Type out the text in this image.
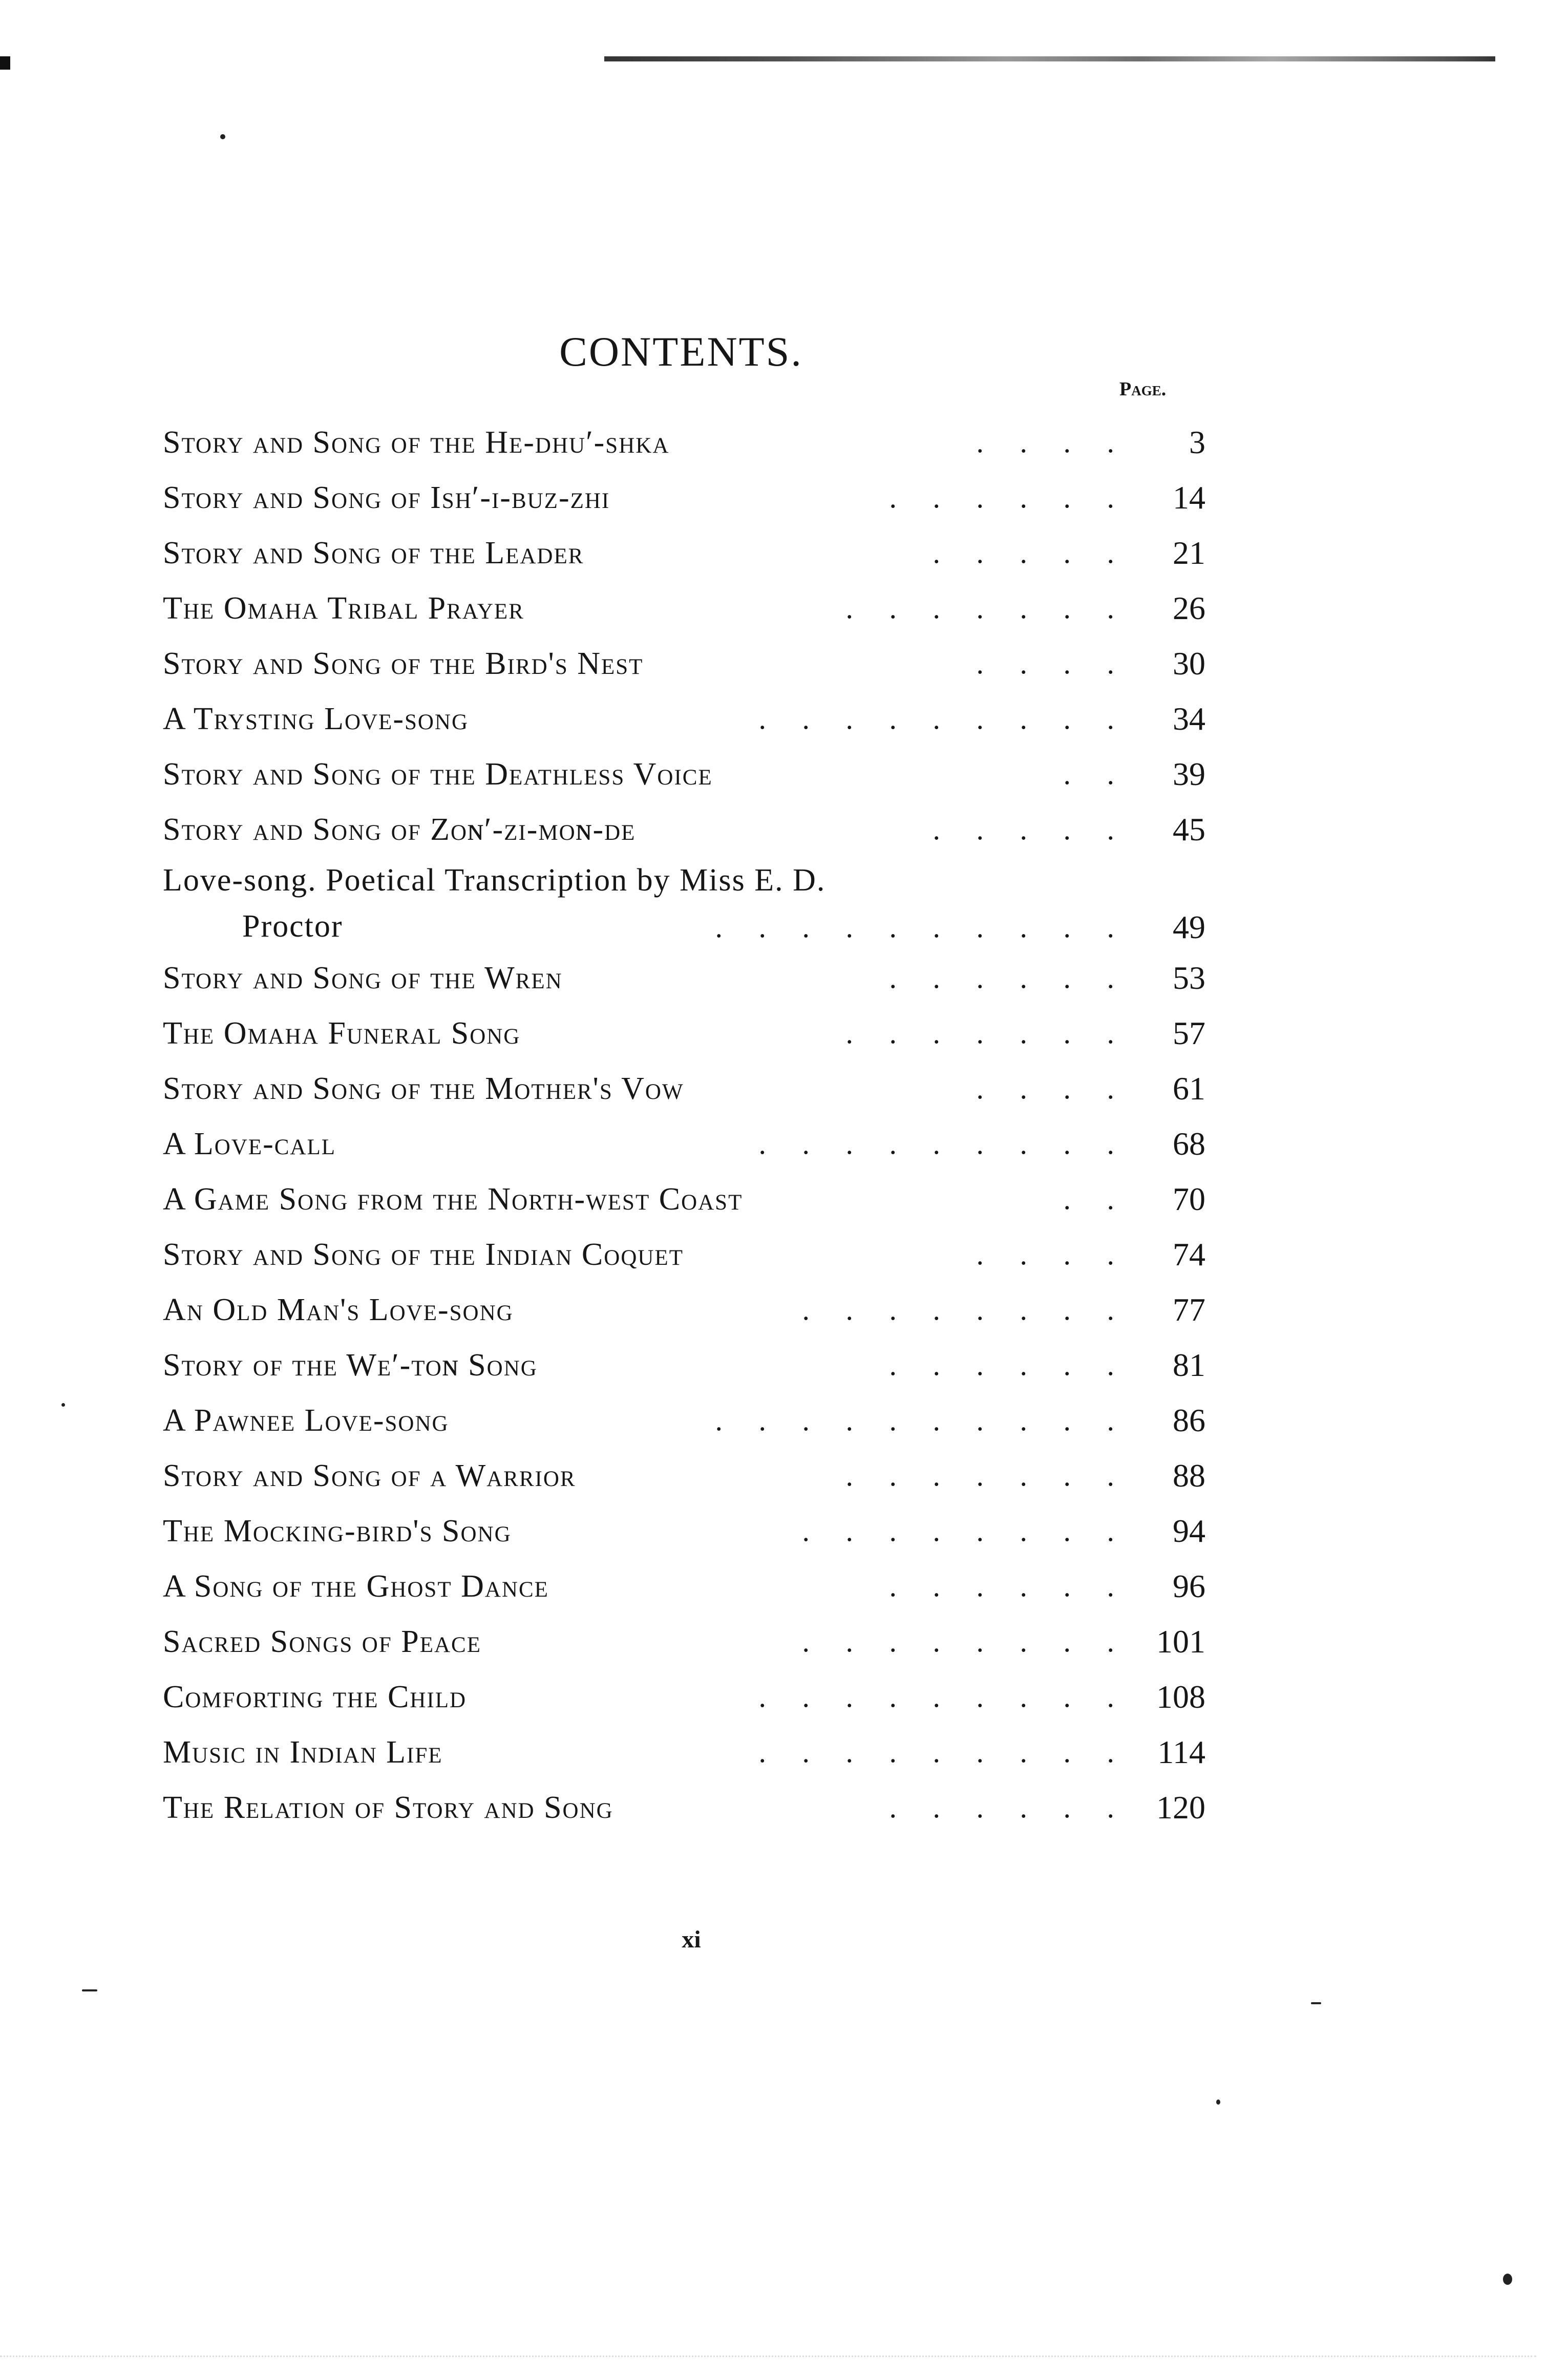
CONTENTS.
Page.
Story and Song of the He-dhu′-shka	. . . .	3
Story and Song of Ish′-i-buz-zhi	. . . . . .	14
Story and Song of the Leader	. . . . .	21
The Omaha Tribal Prayer	. . . . . . .	26
Story and Song of the Bird's Nest	. . . .	30
A Trysting Love-song	. . . . . . . . .	34
Story and Song of the Deathless Voice	. .	39
Story and Song of Zoɴ′-zi-moɴ-de	. . . . .	45
Love-song. Poetical Transcription by Miss E. D.
Proctor	. . . . . . . . . .	49
Story and Song of the Wren	. . . . . .	53
The Omaha Funeral Song	. . . . . . .	57
Story and Song of the Mother's Vow	. . . .	61
A Love-call	. . . . . . . . .	68
A Game Song from the North-west Coast	. .	70
Story and Song of the Indian Coquet	. . . .	74
An Old Man's Love-song	. . . . . . . .	77
Story of the We′-toɴ Song	. . . . . .	81
A Pawnee Love-song	. . . . . . . . . .	86
Story and Song of a Warrior	. . . . . . .	88
The Mocking-bird's Song	. . . . . . . .	94
A Song of the Ghost Dance	. . . . . .	96
Sacred Songs of Peace	. . . . . . . . 101
Comforting the Child	. . . . . . . . . 108
Music in Indian Life	. . . . . . . . . 114
The Relation of Story and Song	. . . . . . 120
xi
